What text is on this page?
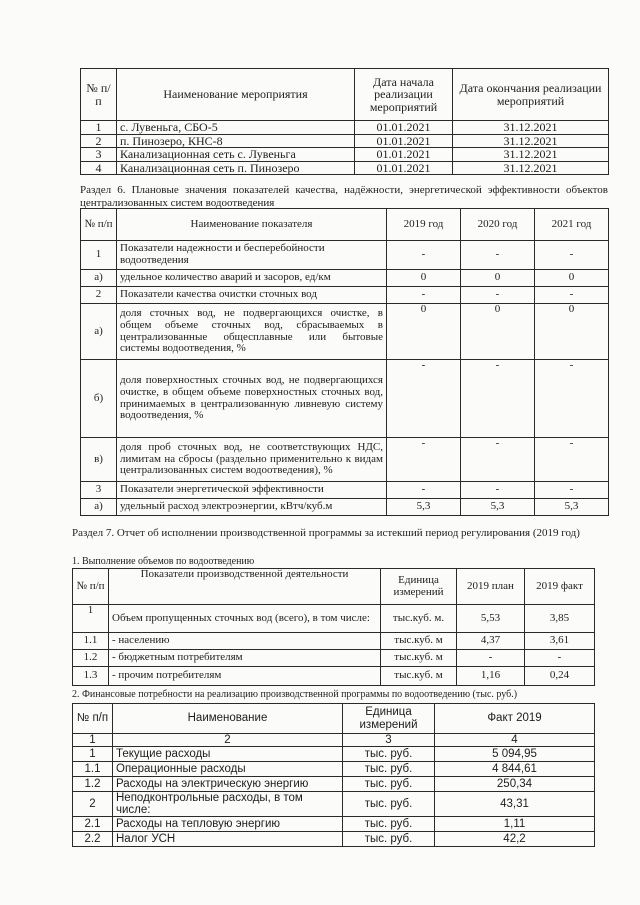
№ п/п	Наименование мероприятия	Дата начала реализации мероприятий	Дата окончания реализации мероприятий
1	с. Лувеньга, СБО-5	01.01.2021	31.12.2021
2	п. Пинозеро, КНС-8	01.01.2021	31.12.2021
3	Канализационная сеть с. Лувеньга	01.01.2021	31.12.2021
4	Канализационная сеть п. Пинозеро	01.01.2021	31.12.2021
Раздел 6. Плановые значения показателей качества, надёжности, энергетической эффективности объектов централизованных систем водоотведения
№ п/п	Наименование показателя	2019 год	2020 год	2021 год
1	Показатели надежности и бесперебойности водоотведения	-	-	-
а)	удельное количество аварий и засоров, ед/км	0	0	0
2	Показатели качества очистки сточных вод	-	-	-
а)	доля сточных вод, не подвергающихся очистке, в общем объеме сточных вод, сбрасываемых в централизованные общесплавные или бытовые системы водоотведения, %	0	0	0
б)	доля поверхностных сточных вод, не подвергающихся очистке, в общем объеме поверхностных сточных вод, принимаемых в централизованную ливневую систему водоотведения, %	-	-	-
в)	доля проб сточных вод, не соответствующих НДС, лимитам на сбросы (раздельно применительно к видам централизованных систем водоотведения), %	-	-	-
3	Показатели энергетической эффективности	-	-	-
а)	удельный расход электроэнергии, кВтч/куб.м	5,3	5,3	5,3
Раздел 7. Отчет об исполнении производственной программы за истекший период регулирования (2019 год)
1. Выполнение объемов по водоотведению
№ п/п	Показатели производственной деятельности	Единица измерений	2019 план	2019 факт
1	Объем пропущенных сточных вод (всего), в том числе:	тыс.куб. м.	5,53	3,85
1.1	- населению	тыс.куб. м	4,37	3,61
1.2	- бюджетным потребителям	тыс.куб. м	-	-
1.3	- прочим потребителям	тыс.куб. м	1,16	0,24
2. Финансовые потребности на реализацию производственной программы по водоотведению (тыс. руб.)
№ п/п	Наименование	Единица измерений	Факт 2019
1	2	3	4
1	Текущие расходы	тыс. руб.	5 094,95
1.1	Операционные расходы	тыс. руб.	4 844,61
1.2	Расходы на электрическую энергию	тыс. руб.	250,34
2	Неподконтрольные расходы, в том числе:	тыс. руб.	43,31
2.1	Расходы на тепловую энергию	тыс. руб.	1,11
2.2	Налог УСН	тыс. руб.	42,2
